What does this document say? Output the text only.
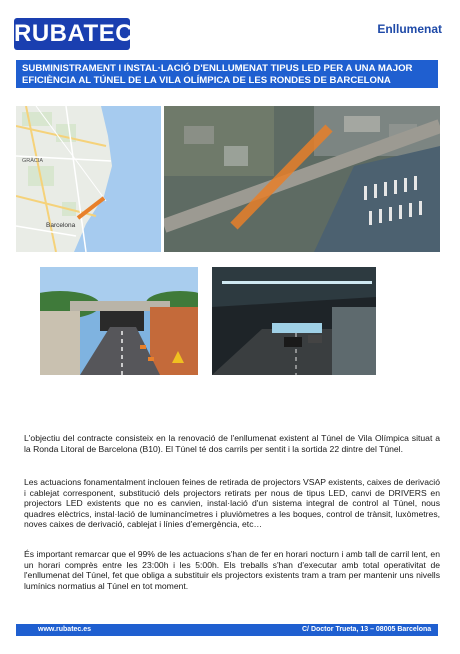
RUBATEC	Enllumenat
SUBMINISTRAMENT I INSTAL·LACIÓ D'ENLLUMENAT TIPUS LED PER A UNA MAJOR EFICIÈNCIA AL TÚNEL DE LA VILA OLÍMPICA DE LES RONDES DE BARCELONA
GRÀCIA
Barcelona

L'objectiu del contracte consisteix en la renovació de l'enllumenat existent al Túnel de Vila Olímpica situat a la Ronda Litoral de Barcelona (B10). El Túnel té dos carrils per sentit i la sortida 22 dintre del Túnel.

Les actuacions fonamentalment inclouen feines de retirada de projectors VSAP existents, caixes de derivació i cablejat corresponent, substitució dels projectors retirats per nous de tipus LED, canvi de DRIVERS en projectors LED existents que no es canvien, instal·lació d'un sistema integral de control al Túnel, nous quadres elèctrics, instal·lació de luminancímetres i pluviòmetres a les boques, control de trànsit, luxòmetres, noves caixes de derivació, cablejat i línies d'emergència, etc…

És important remarcar que el 99% de les actuacions s'han de fer en horari nocturn i amb tall de carril lent, en un horari comprès entre les 23:00h i les 5:00h. Els treballs s'han d'executar amb total operativitat de l'enllumenat del Túnel, fet que obliga a substituir els projectors existents tram a tram per mantenir uns nivells lumínics normatius al Túnel en tot moment.

www.rubatec.es	C/ Doctor Trueta, 13 – 08005 Barcelona
